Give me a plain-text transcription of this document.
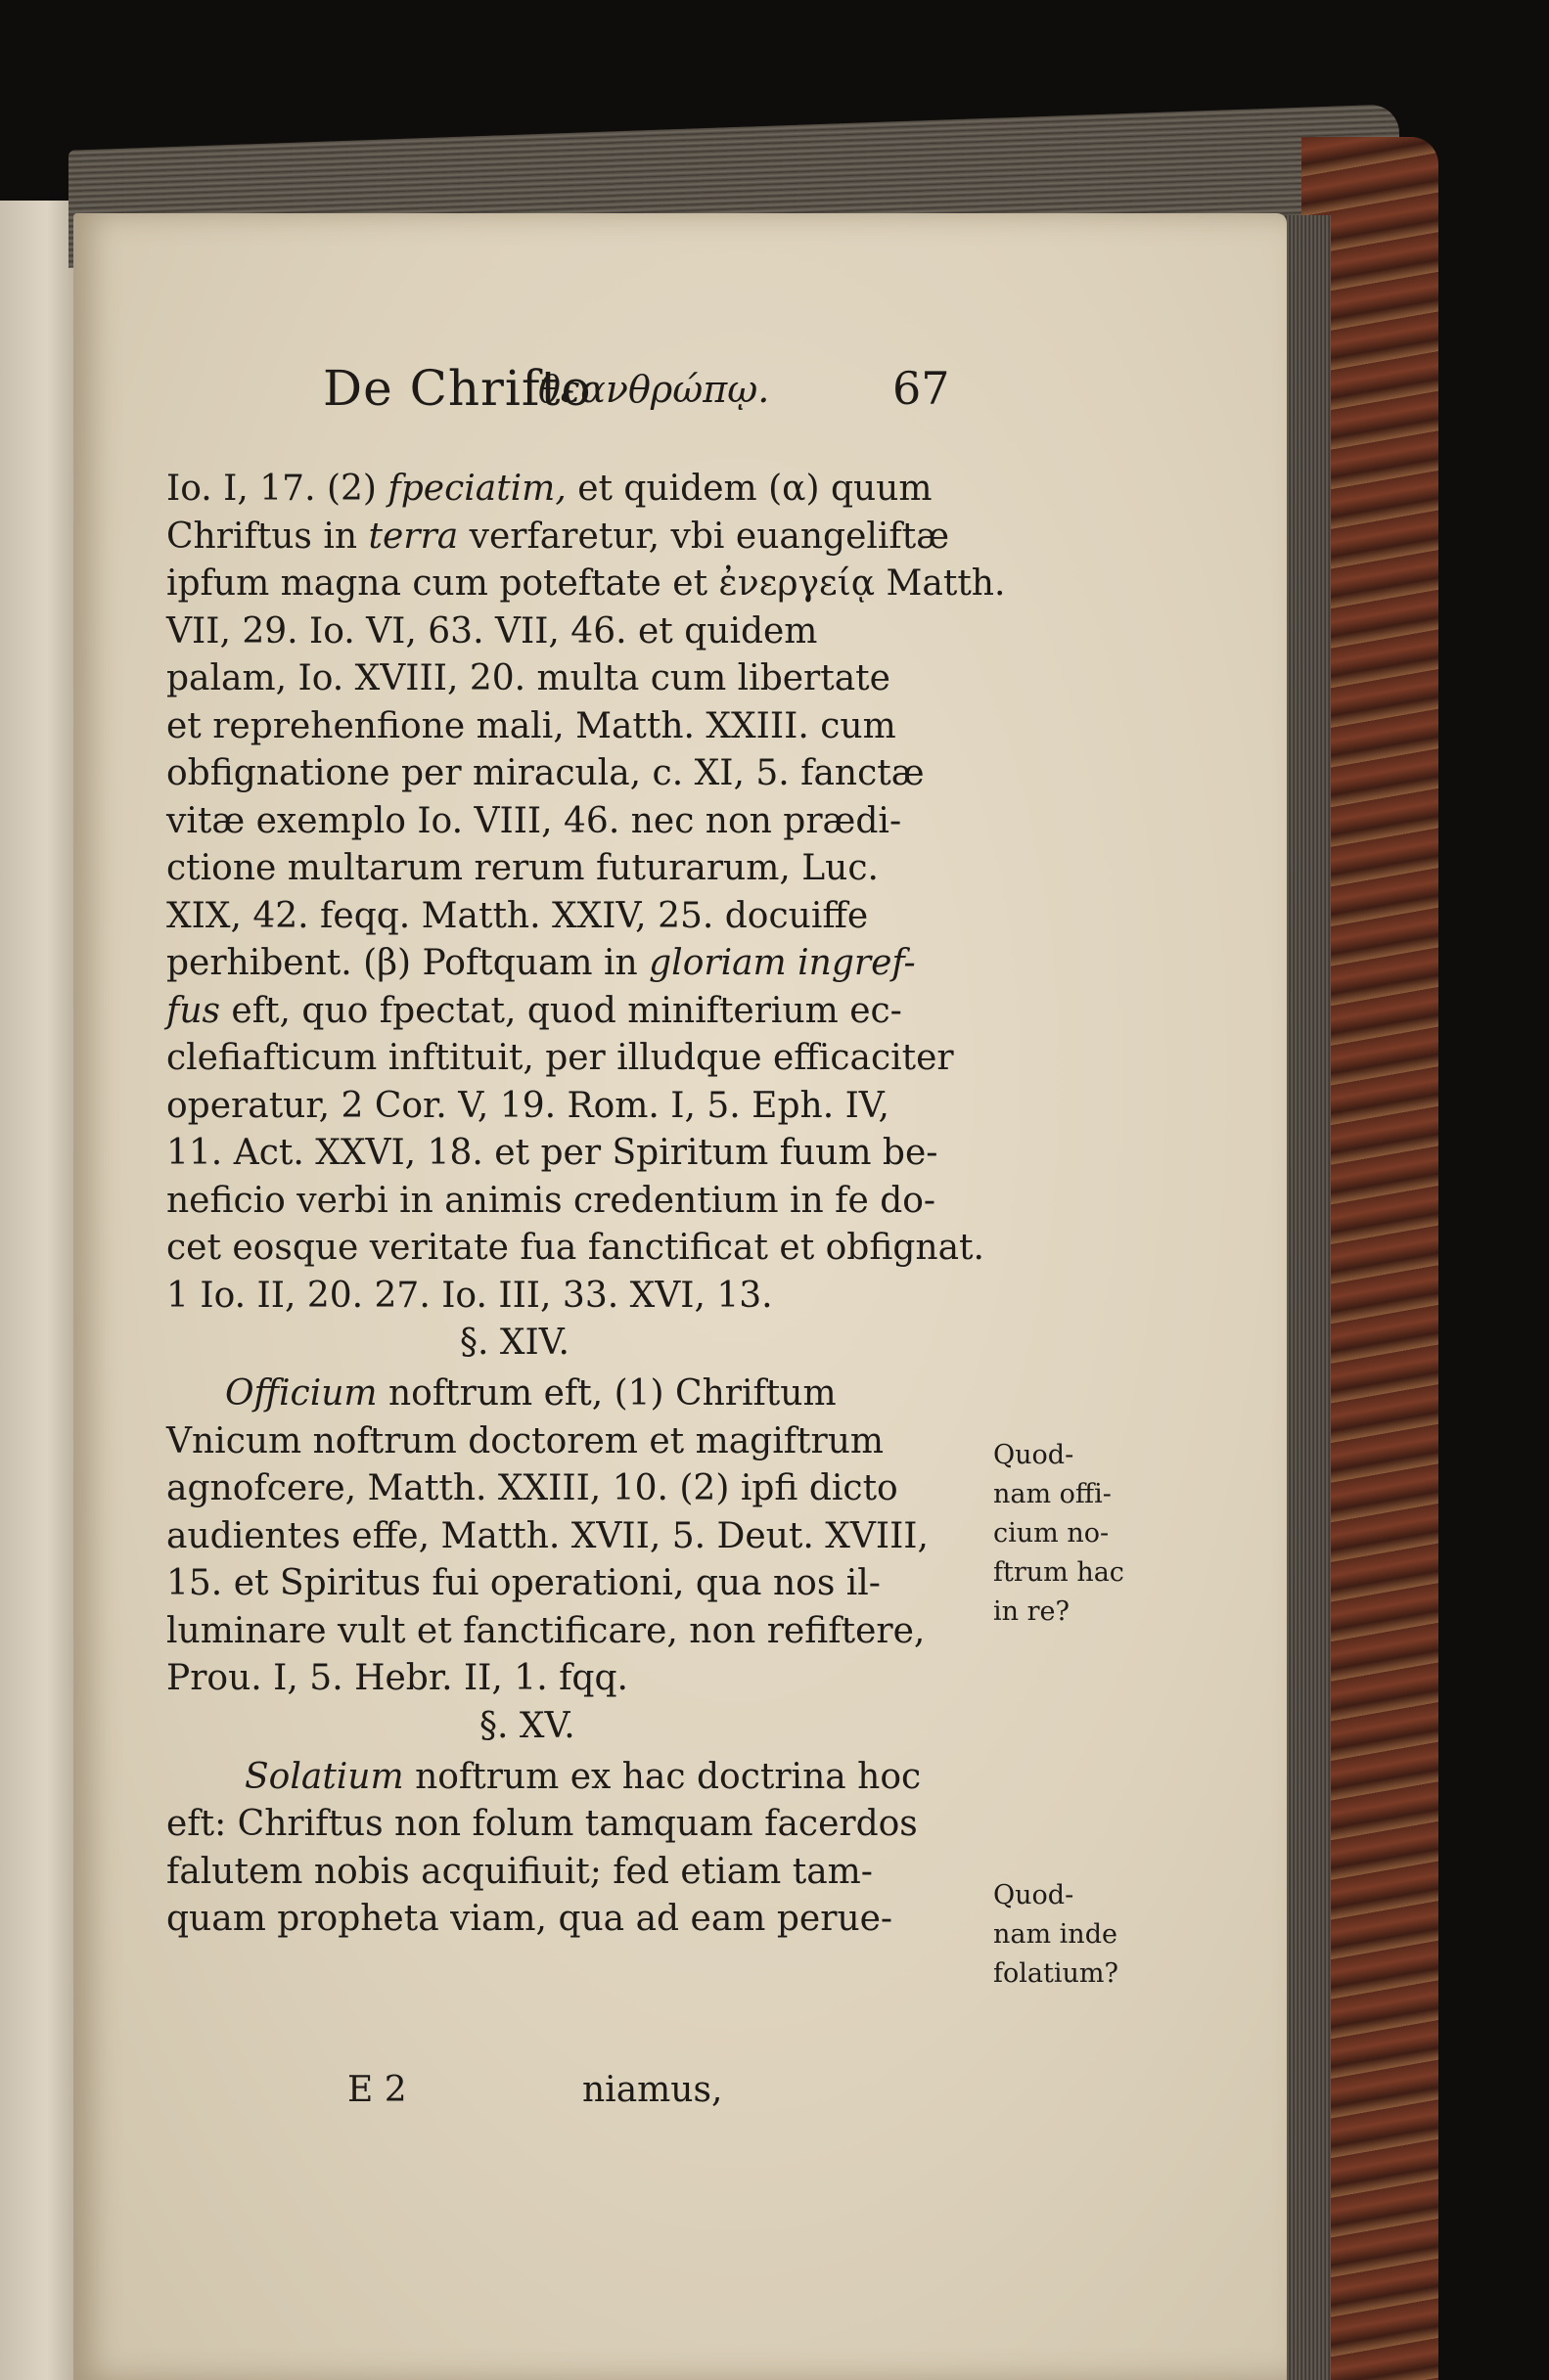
De Chrifto
θεανθρώπῳ.	67
Io. I, 17. (2) fpeciatim, et quidem (α) quum
Chriftus in terra verfaretur, vbi euangeliftæ
ipfum magna cum poteftate et ἐνεργείᾳ Matth.
VII, 29. Io. VI, 63. VII, 46. et quidem
palam, Io. XVIII, 20. multa cum libertate
et reprehenfione mali, Matth. XXIII. cum
obfignatione per miracula, c. XI, 5. fanctæ
vitæ exemplo Io. VIII, 46. nec non prædi-
ctione multarum rerum futurarum, Luc.
XIX, 42. feqq. Matth. XXIV, 25. docuiffe
perhibent. (β) Poftquam in gloriam ingref-
fus eft, quo fpectat, quod minifterium ec-
clefiafticum inftituit, per illudque efficaciter
operatur, 2 Cor. V, 19. Rom. I, 5. Eph. IV,
11. Act. XXVI, 18. et per Spiritum fuum be-
neficio verbi in animis credentium in fe do-
cet eosque veritate fua fanctificat et obfignat.
1 Io. II, 20. 27. Io. III, 33. XVI, 13.
§. XIV.
Officium noftrum eft, (1) Chriftum
Vnicum noftrum doctorem et magiftrum
agnofcere, Matth. XXIII, 10. (2) ipfi dicto
audientes effe, Matth. XVII, 5. Deut. XVIII,
15. et Spiritus fui operationi, qua nos il-
luminare vult et fanctificare, non refiftere,
Prou. I, 5. Hebr. II, 1. fqq.
§. XV.
Solatium noftrum ex hac doctrina hoc
eft: Chriftus non folum tamquam facerdos
falutem nobis acquifiuit; fed etiam tam-
quam propheta viam, qua ad eam perue-
Quod-
nam offi-
cium no-
ftrum hac
in re?
Quod-
nam inde
folatium?
E 2	niamus,
